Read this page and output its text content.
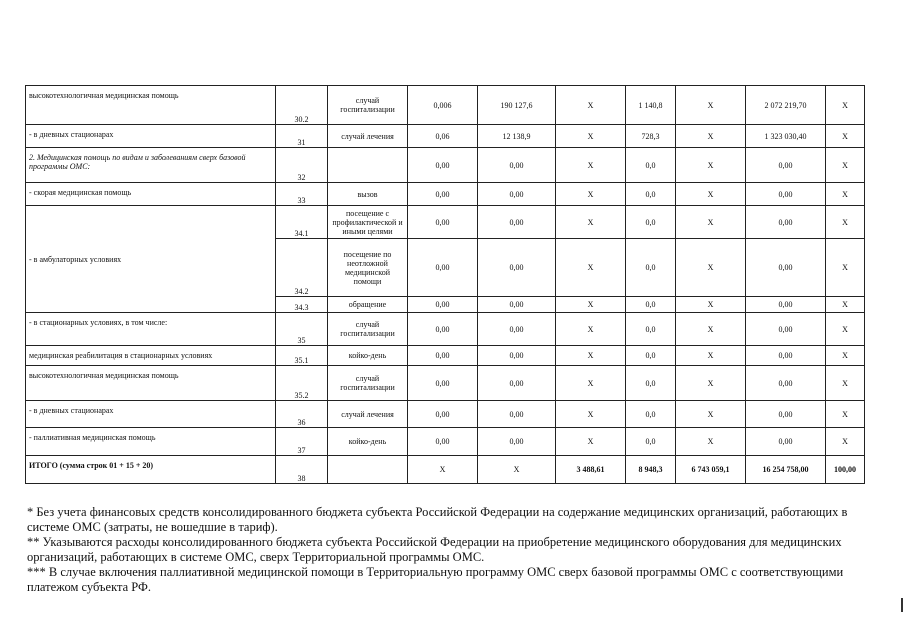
высокотехнологичная медицинская помощь	30.2	случай госпитализации	0,006	190 127,6	X	1 140,8	X	2 072 219,70	X
- в дневных стационарах	31	случай лечения	0,06	12 138,9	X	728,3	X	1 323 030,40	X
2. Медицинская помощь по видам и заболеваниям сверх базовой программы ОМС:	32		0,00	0,00	X	0,0	X	0,00	X
- скорая медицинская помощь	33	вызов	0,00	0,00	X	0,0	X	0,00	X
- в амбулаторных условиях	34.1	посещение с профилактической и иными целями	0,00	0,00	X	0,0	X	0,00	X
	34.2	посещение по неотложной медицинской помощи	0,00	0,00	X	0,0	X	0,00	X
	34.3	обращение	0,00	0,00	X	0,0	X	0,00	X
- в стационарных условиях, в том числе:	35	случай госпитализации	0,00	0,00	X	0,0	X	0,00	X
медицинская реабилитация в стационарных условиях	35.1	койко-день	0,00	0,00	X	0,0	X	0,00	X
высокотехнологичная медицинская помощь	35.2	случай госпитализации	0,00	0,00	X	0,0	X	0,00	X
- в дневных стационарах	36	случай лечения	0,00	0,00	X	0,0	X	0,00	X
- паллиативная медицинская помощь	37	койко-день	0,00	0,00	X	0,0	X	0,00	X
ИТОГО (сумма строк 01 + 15 + 20)	38		X	X	3 488,61	8 948,3	6 743 059,1	16 254 758,00	100,00

* Без учета финансовых средств консолидированного бюджета субъекта Российской Федерации на содержание медицинских организаций, работающих в системе ОМС (затраты, не вошедшие в тариф).

** Указываются расходы консолидированного бюджета субъекта Российской Федерации на приобретение медицинского оборудования для медицинских организаций, работающих в системе ОМС, сверх Территориальной программы ОМС.

*** В случае включения паллиативной медицинской помощи в Территориальную программу ОМС сверх базовой программы ОМС с соответствующими платежом субъекта РФ.
